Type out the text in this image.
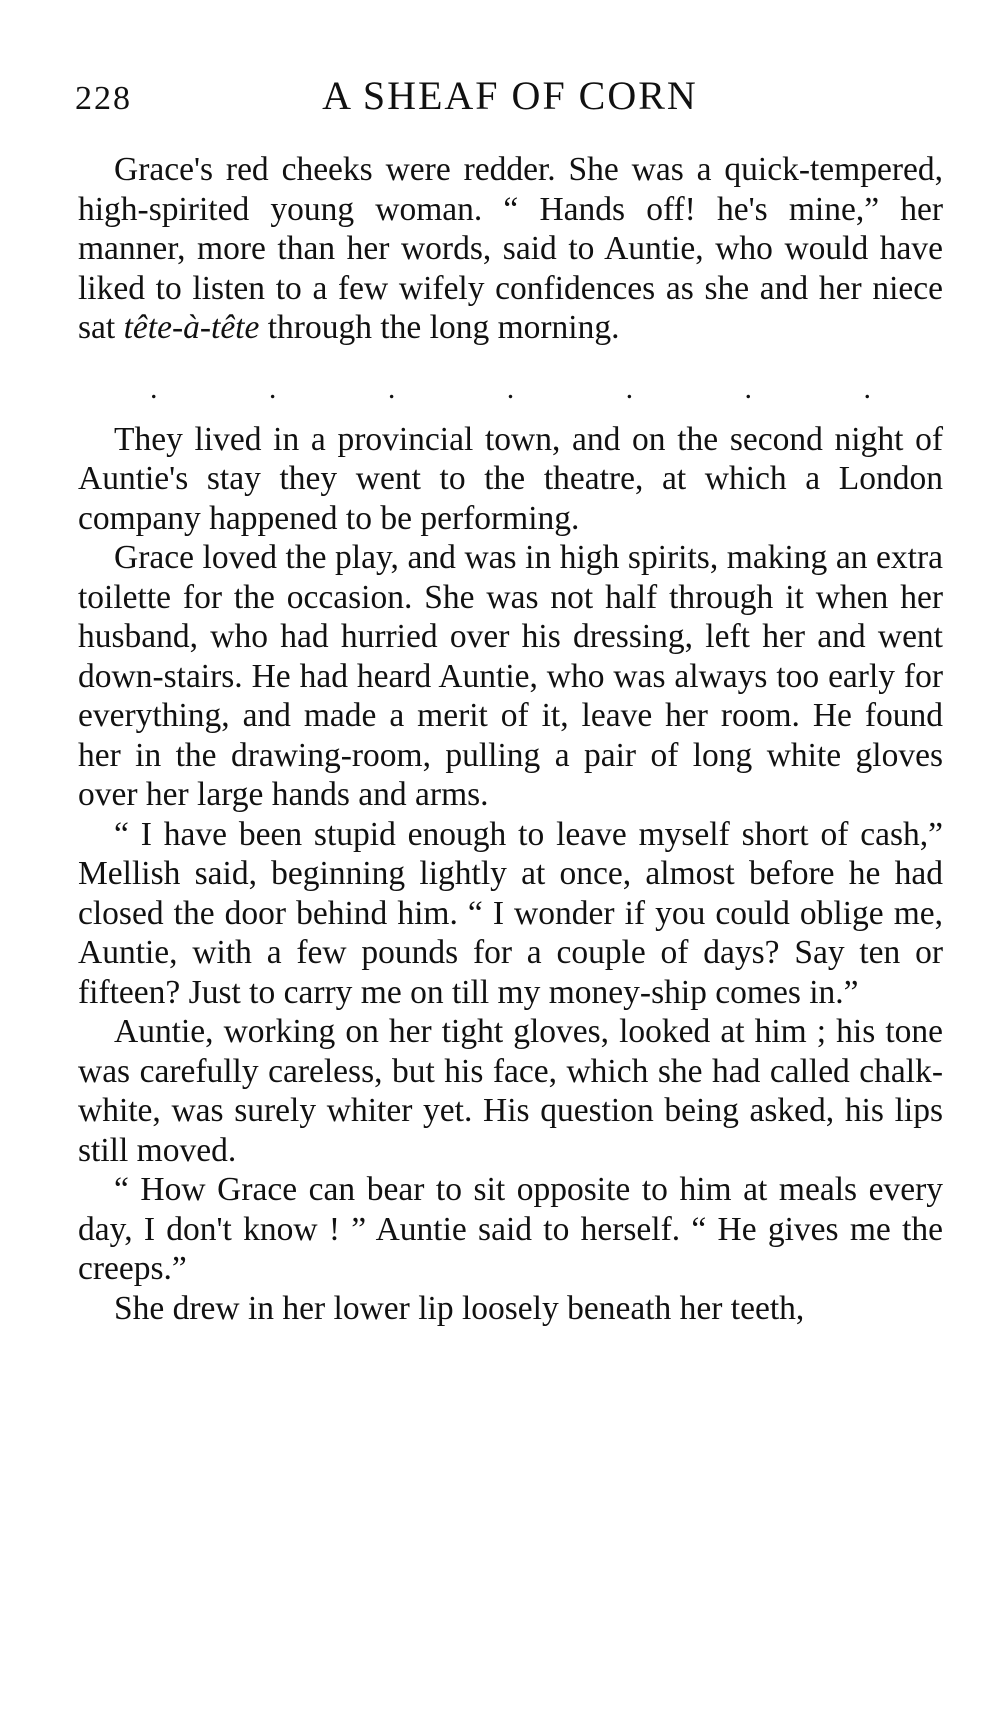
228	A SHEAF OF CORN

Grace's red cheeks were redder. She was a quick-tempered, high-spirited young woman. “ Hands off! he's mine,” her manner, more than her words, said to Auntie, who would have liked to listen to a few wifely confidences as she and her niece sat tête-à-tête through the long morning.

.	.	.	.	.	.	.

They lived in a provincial town, and on the second night of Auntie's stay they went to the theatre, at which a London company happened to be performing.

Grace loved the play, and was in high spirits, making an extra toilette for the occasion. She was not half through it when her husband, who had hurried over his dressing, left her and went down-stairs. He had heard Auntie, who was always too early for everything, and made a merit of it, leave her room. He found her in the drawing-room, pulling a pair of long white gloves over her large hands and arms.

“ I have been stupid enough to leave myself short of cash,” Mellish said, beginning lightly at once, almost before he had closed the door behind him. “ I wonder if you could oblige me, Auntie, with a few pounds for a couple of days? Say ten or fifteen? Just to carry me on till my money-ship comes in.”

Auntie, working on her tight gloves, looked at him ; his tone was carefully careless, but his face, which she had called chalk-white, was surely whiter yet. His question being asked, his lips still moved.

“ How Grace can bear to sit opposite to him at meals every day, I don't know ! ” Auntie said to herself. “ He gives me the creeps.”

She drew in her lower lip loosely beneath her teeth,
